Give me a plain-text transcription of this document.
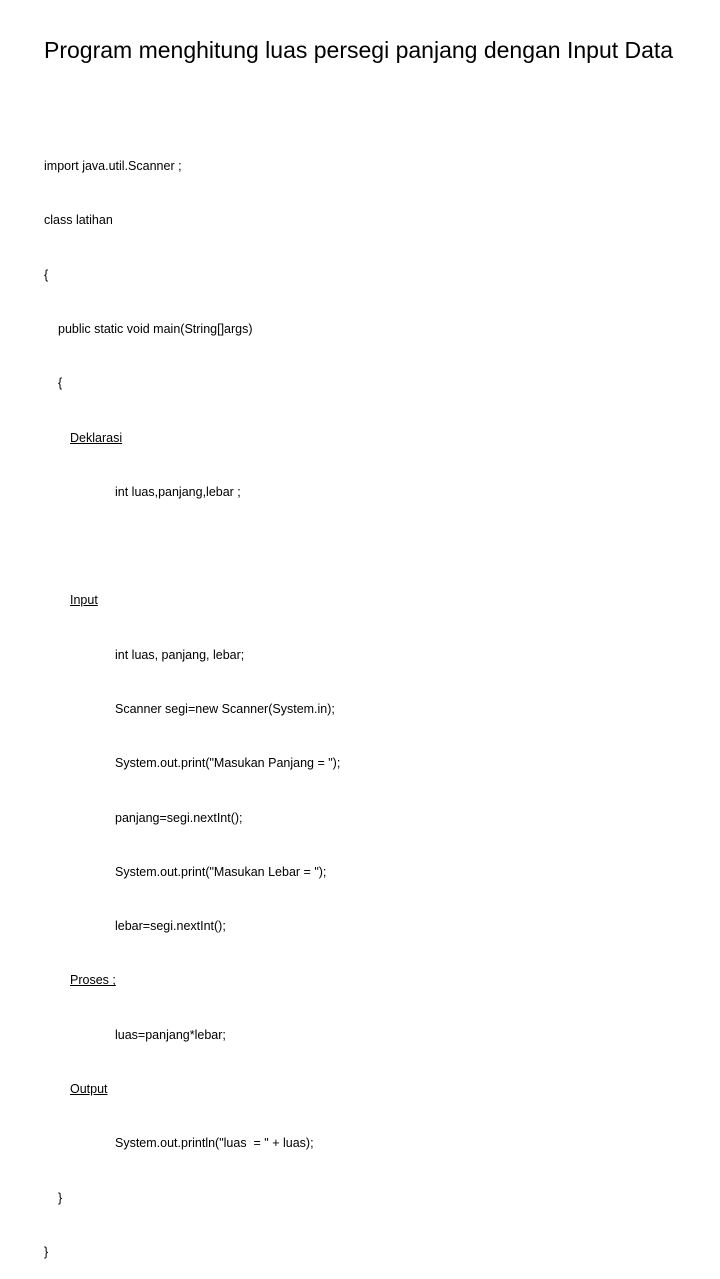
Program menghitung luas persegi panjang dengan Input Data

import java.util.Scanner ;

class latihan

{

public static void main(String[]args)

{

Deklarasi

int luas,panjang,lebar ;

Input

int luas, panjang, lebar;

Scanner segi=new Scanner(System.in);

System.out.print("Masukan Panjang = ");

panjang=segi.nextInt();

System.out.print("Masukan Lebar = ");

lebar=segi.nextInt();

Proses ;

luas=panjang*lebar;

Output

System.out.println("luas  = " + luas);

}

}
